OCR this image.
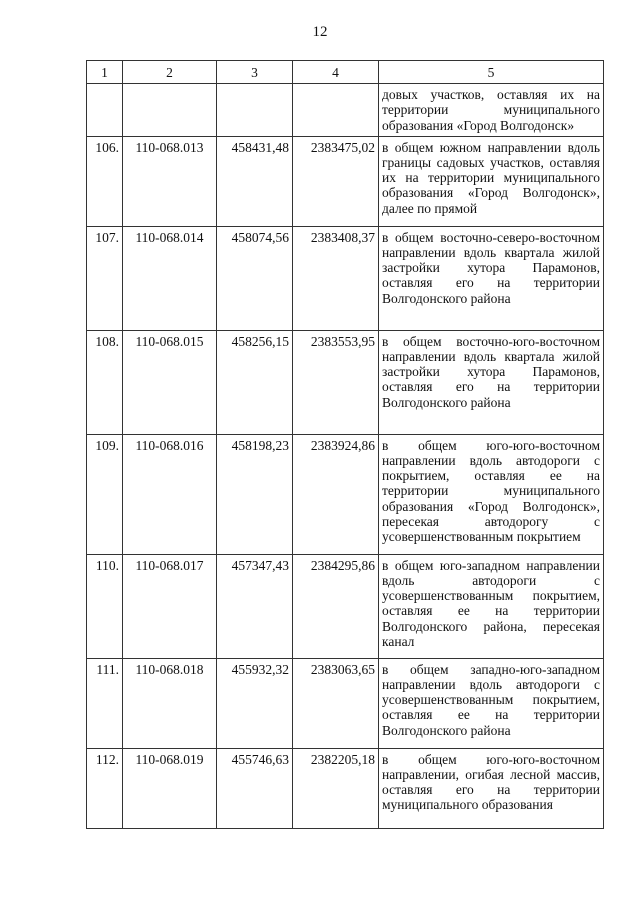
12
1	2	3	4	5
				довых участков, оставляя их на территории муниципального образования «Город Волгодонск»
106.	110-068.013	458431,48	2383475,02	в общем южном направлении вдоль границы садовых участков, оставляя их на территории муниципального образования «Город Волгодонск», далее по прямой
107.	110-068.014	458074,56	2383408,37	в общем восточно-северо-восточном направлении вдоль квартала жилой застройки хутора Парамонов, оставляя его на территории Волгодонского района
108.	110-068.015	458256,15	2383553,95	в общем восточно-юго-восточном направлении вдоль квартала жилой застройки хутора Парамонов, оставляя его на территории Волгодонского района
109.	110-068.016	458198,23	2383924,86	в общем юго-юго-восточном направлении вдоль автодороги с покрытием, оставляя ее на территории муниципального образования «Город Волгодонск», пересекая автодорогу с усовершенствованным покрытием
110.	110-068.017	457347,43	2384295,86	в общем юго-западном направлении вдоль автодороги с усовершенствованным покрытием, оставляя ее на территории Волгодонского района, пересекая канал
111.	110-068.018	455932,32	2383063,65	в общем западно-юго-западном направлении вдоль автодороги с усовершенствованным покрытием, оставляя ее на территории Волгодонского района
112.	110-068.019	455746,63	2382205,18	в общем юго-юго-восточном направлении, огибая лесной массив, оставляя его на территории муниципального образования
